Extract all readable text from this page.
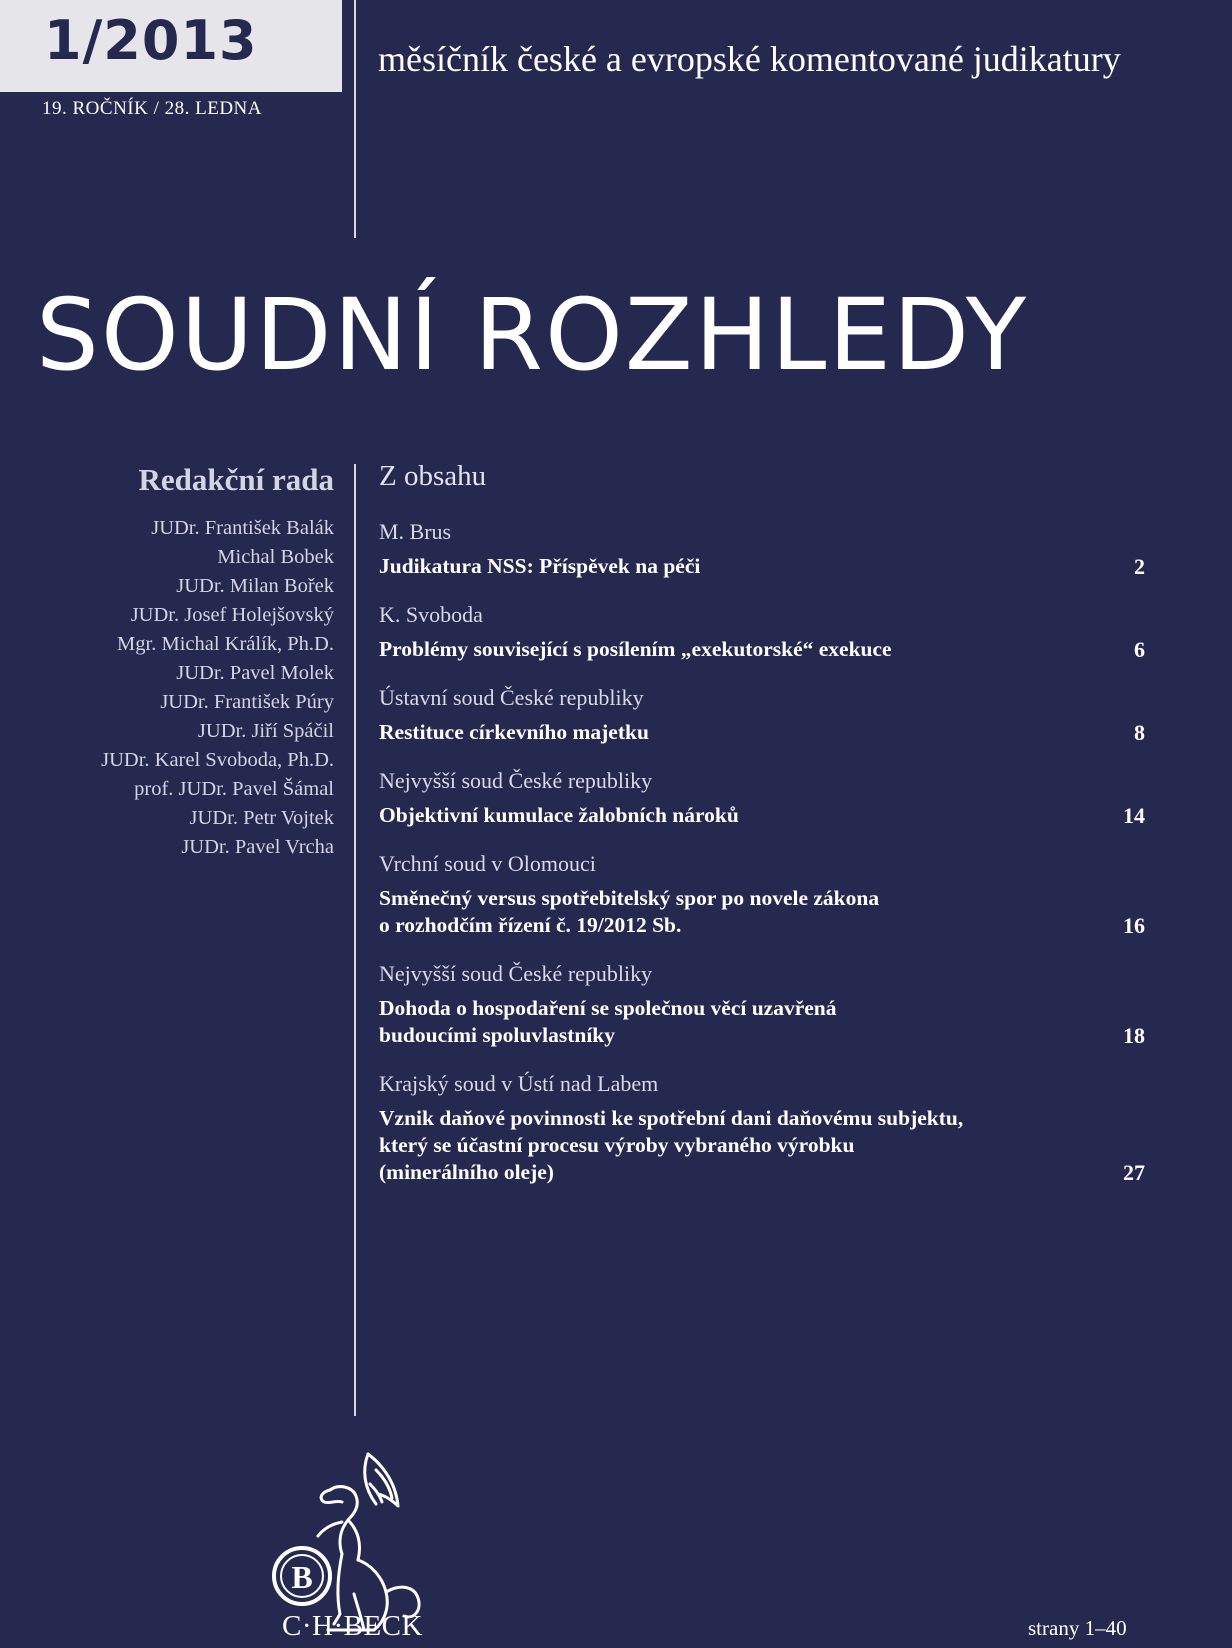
1/2013
19. ROČNÍK / 28. LEDNA
měsíčník české a evropské komentované judikatury
SOUDNÍ ROZHLEDY
Redakční rada
JUDr. František Balák
Michal Bobek
JUDr. Milan Bořek
JUDr. Josef Holejšovský
Mgr. Michal Králík, Ph.D.
JUDr. Pavel Molek
JUDr. František Púry
JUDr. Jiří Spáčil
JUDr. Karel Svoboda, Ph.D.
prof. JUDr. Pavel Šámal
JUDr. Petr Vojtek
JUDr. Pavel Vrcha
Z obsahu
M. Brus
Judikatura NSS: Příspěvek na péči	2
K. Svoboda
Problémy související s posílením „exekutorské“ exekuce	6
Ústavní soud České republiky
Restituce církevního majetku	8
Nejvyšší soud České republiky
Objektivní kumulace žalobních nároků	14
Vrchní soud v Olomouci
Směnečný versus spotřebitelský spor po novele zákona
o rozhodčím řízení č. 19/2012 Sb.	16
Nejvyšší soud České republiky
Dohoda o hospodaření se společnou věcí uzavřená
budoucími spoluvlastníky	18
Krajský soud v Ústí nad Labem
Vznik daňové povinnosti ke spotřební dani daňovému subjektu,
který se účastní procesu výroby vybraného výrobku
(minerálního oleje)	27
B
C·H·BECK	strany 1–40
